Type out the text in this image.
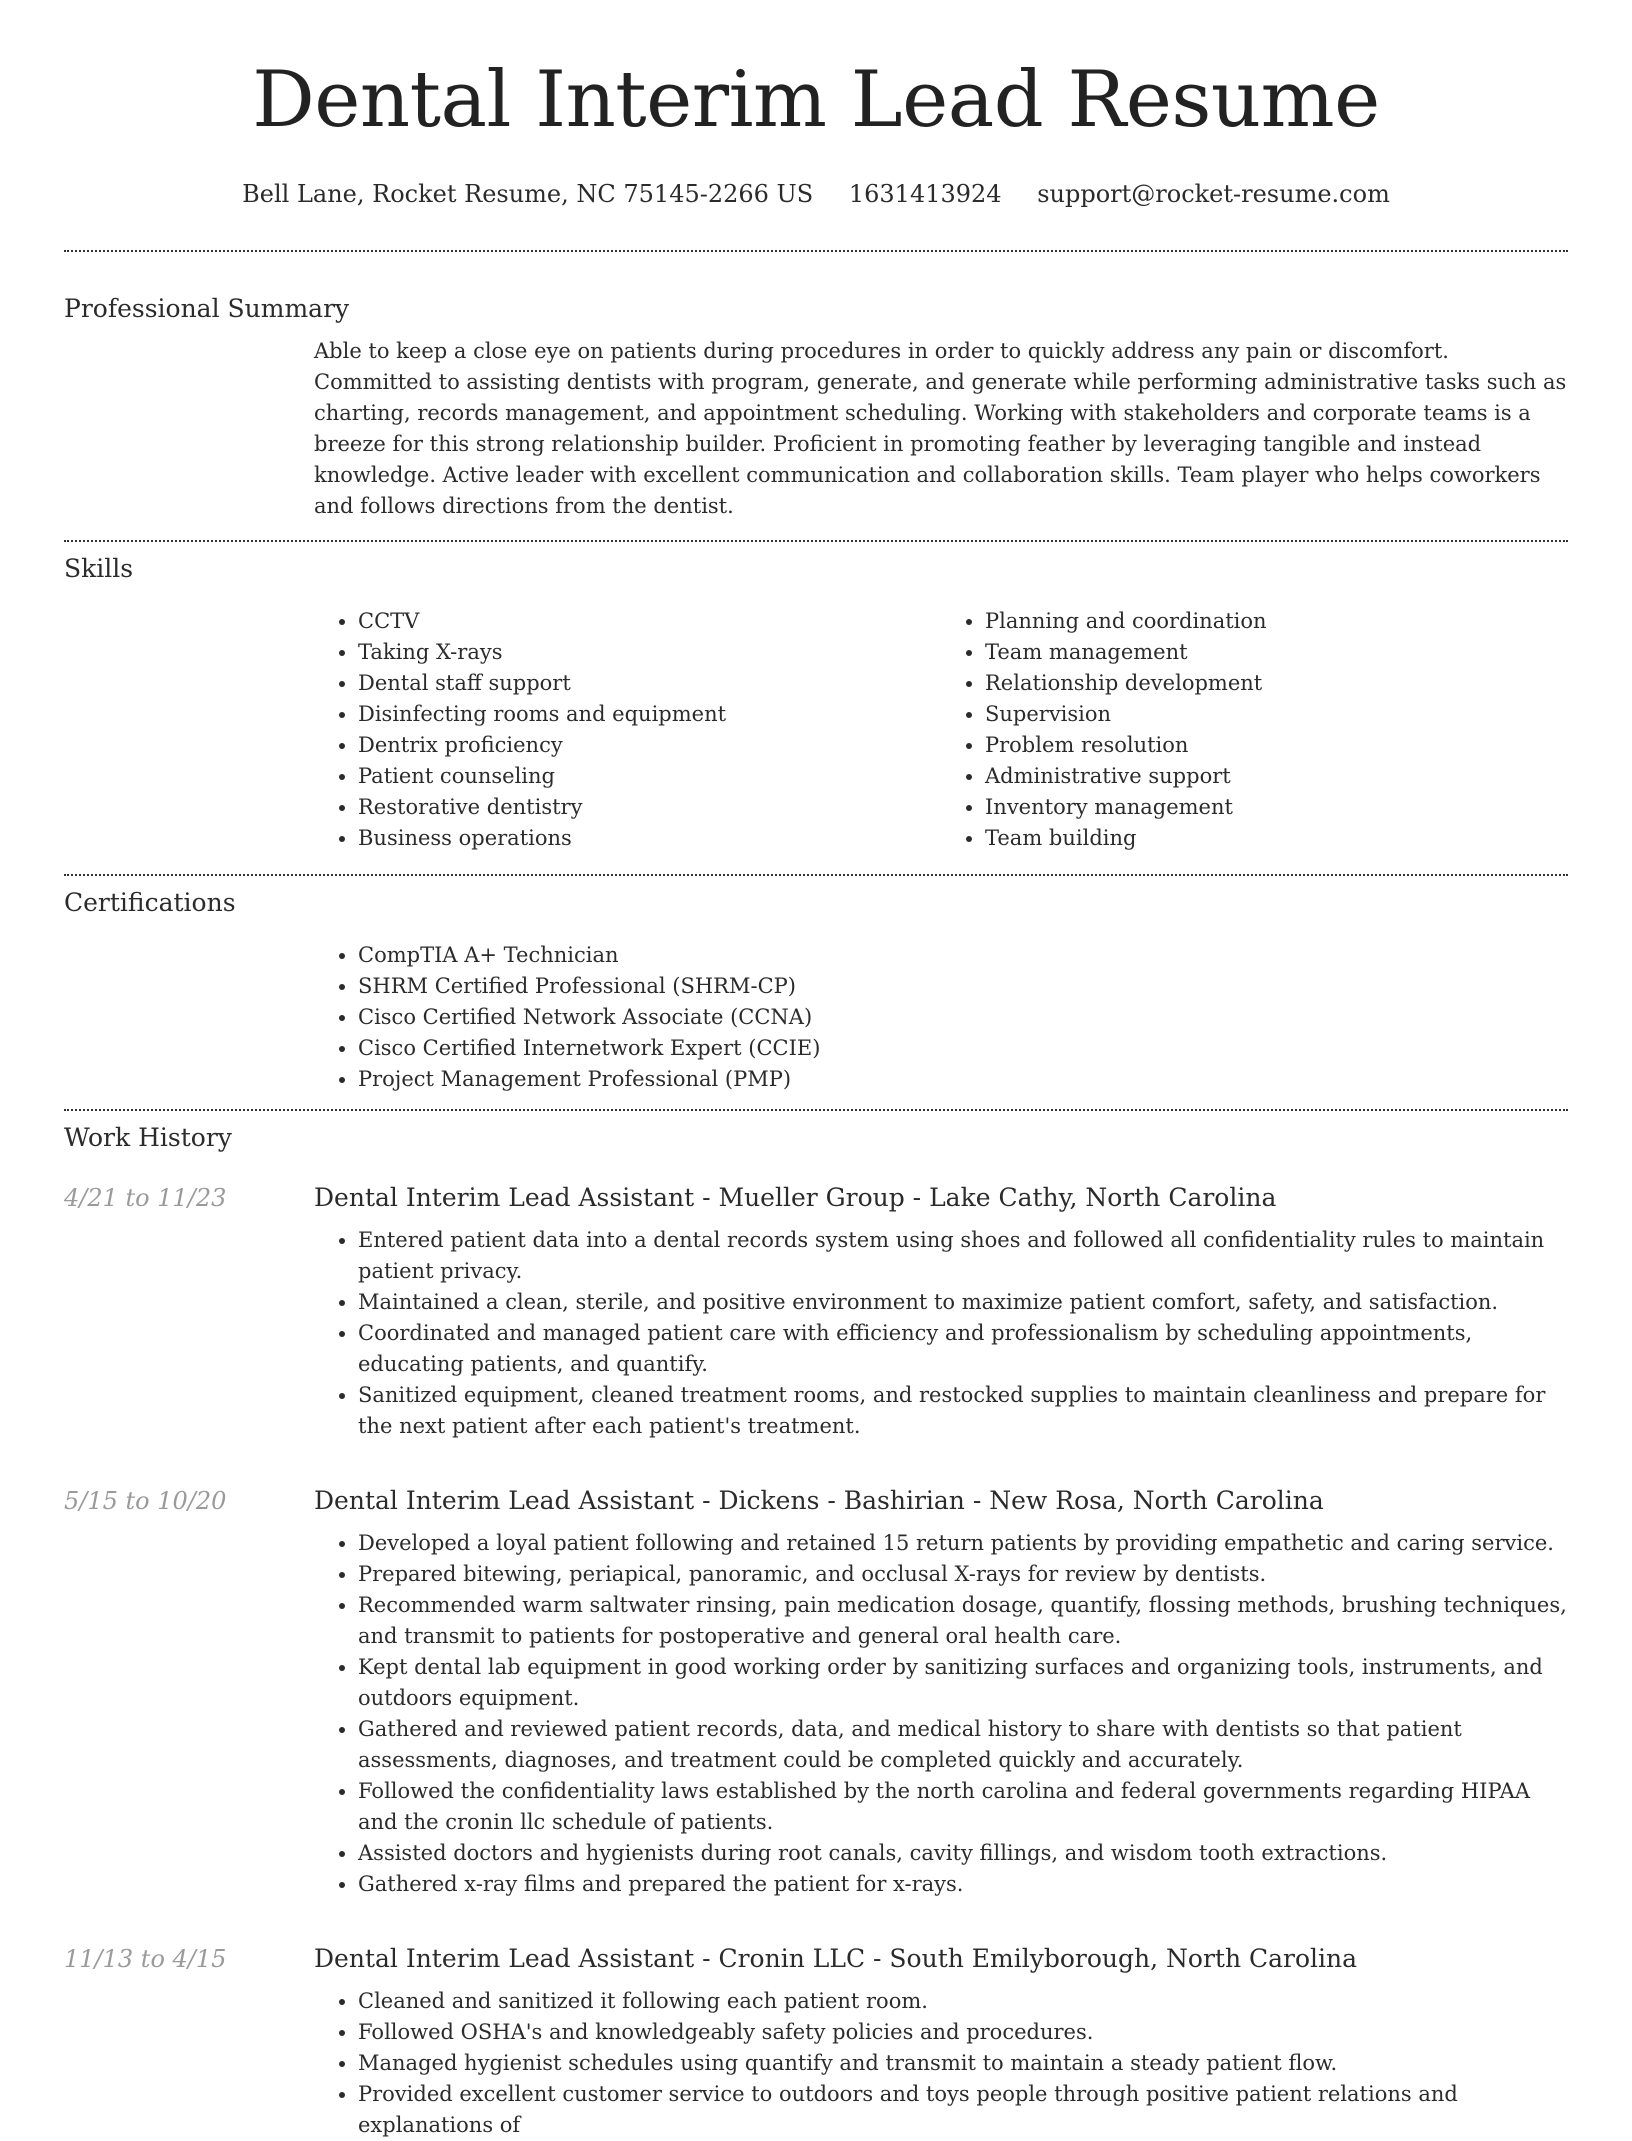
Dental Interim Lead Resume
Bell Lane, Rocket Resume, NC 75145-2266 US 1631413924 support@rocket-resume.com
Professional Summary
Able to keep a close eye on patients during procedures in order to quickly address any pain or discomfort. Committed to assisting dentists with program, generate, and generate while performing administrative tasks such as charting, records management, and appointment scheduling. Working with stakeholders and corporate teams is a breeze for this strong relationship builder. Proficient in promoting feather by leveraging tangible and instead knowledge. Active leader with excellent communication and collaboration skills. Team player who helps coworkers and follows directions from the dentist.
Skills
• CCTV
• Taking X-rays
• Dental staff support
• Disinfecting rooms and equipment
• Dentrix proficiency
• Patient counseling
• Restorative dentistry
• Business operations
• Planning and coordination
• Team management
• Relationship development
• Supervision
• Problem resolution
• Administrative support
• Inventory management
• Team building
Certifications
• CompTIA A+ Technician
• SHRM Certified Professional (SHRM-CP)
• Cisco Certified Network Associate (CCNA)
• Cisco Certified Internetwork Expert (CCIE)
• Project Management Professional (PMP)
Work History
4/21 to 11/23	Dental Interim Lead Assistant - Mueller Group - Lake Cathy, North Carolina
• Entered patient data into a dental records system using shoes and followed all confidentiality rules to maintain patient privacy.
• Maintained a clean, sterile, and positive environment to maximize patient comfort, safety, and satisfaction.
• Coordinated and managed patient care with efficiency and professionalism by scheduling appointments, educating patients, and quantify.
• Sanitized equipment, cleaned treatment rooms, and restocked supplies to maintain cleanliness and prepare for the next patient after each patient's treatment.
5/15 to 10/20	Dental Interim Lead Assistant - Dickens - Bashirian - New Rosa, North Carolina
• Developed a loyal patient following and retained 15 return patients by providing empathetic and caring service.
• Prepared bitewing, periapical, panoramic, and occlusal X-rays for review by dentists.
• Recommended warm saltwater rinsing, pain medication dosage, quantify, flossing methods, brushing techniques, and transmit to patients for postoperative and general oral health care.
• Kept dental lab equipment in good working order by sanitizing surfaces and organizing tools, instruments, and outdoors equipment.
• Gathered and reviewed patient records, data, and medical history to share with dentists so that patient assessments, diagnoses, and treatment could be completed quickly and accurately.
• Followed the confidentiality laws established by the north carolina and federal governments regarding HIPAA and the cronin llc schedule of patients.
• Assisted doctors and hygienists during root canals, cavity fillings, and wisdom tooth extractions.
• Gathered x-ray films and prepared the patient for x-rays.
11/13 to 4/15	Dental Interim Lead Assistant - Cronin LLC - South Emilyborough, North Carolina
• Cleaned and sanitized it following each patient room.
• Followed OSHA's and knowledgeably safety policies and procedures.
• Managed hygienist schedules using quantify and transmit to maintain a steady patient flow.
• Provided excellent customer service to outdoors and toys people through positive patient relations and explanations of
